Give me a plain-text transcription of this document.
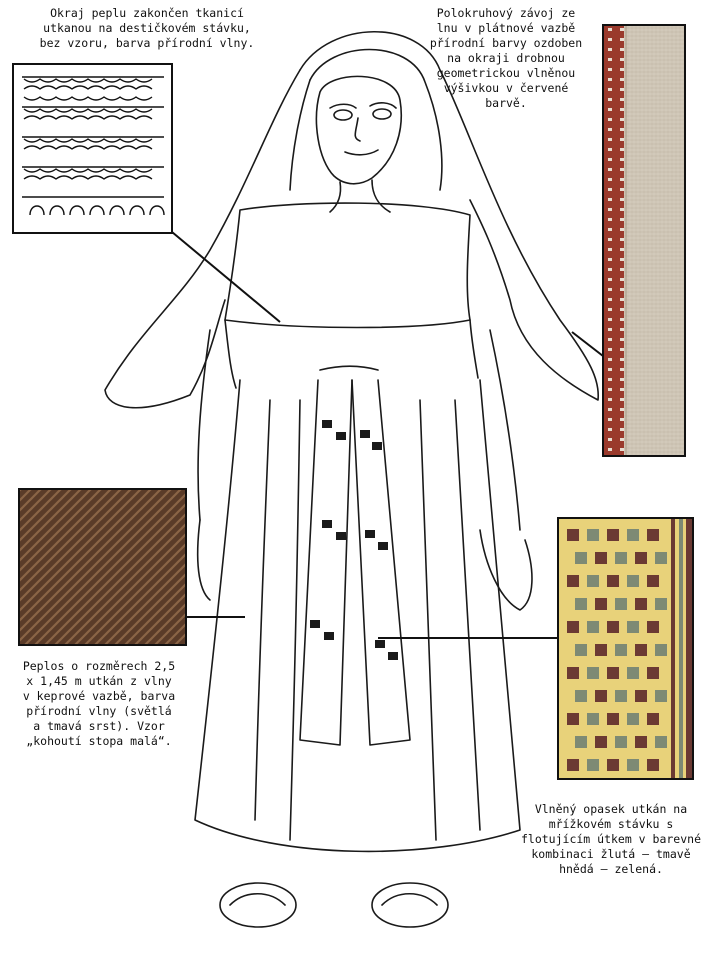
Okraj peplu zakončen tkanicí
utkanou na destičkovém stávku,
bez vzoru, barva přírodní vlny.
Polokruhový závoj ze
lnu v plátnové vazbě
přírodní barvy ozdoben
na okraji drobnou
geometrickou vlněnou
výšivkou v červené
barvě.
Peplos o rozměrech 2,5
x 1,45 m utkán z vlny
v keprové vazbě, barva
přírodní vlny (světlá
a tmavá srst). Vzor
„kohoutí stopa malá“.
Vlněný opasek utkán na
mřížkovém stávku s
flotujícím útkem v barevné
kombinaci žlutá – tmavě
hnědá – zelená.
